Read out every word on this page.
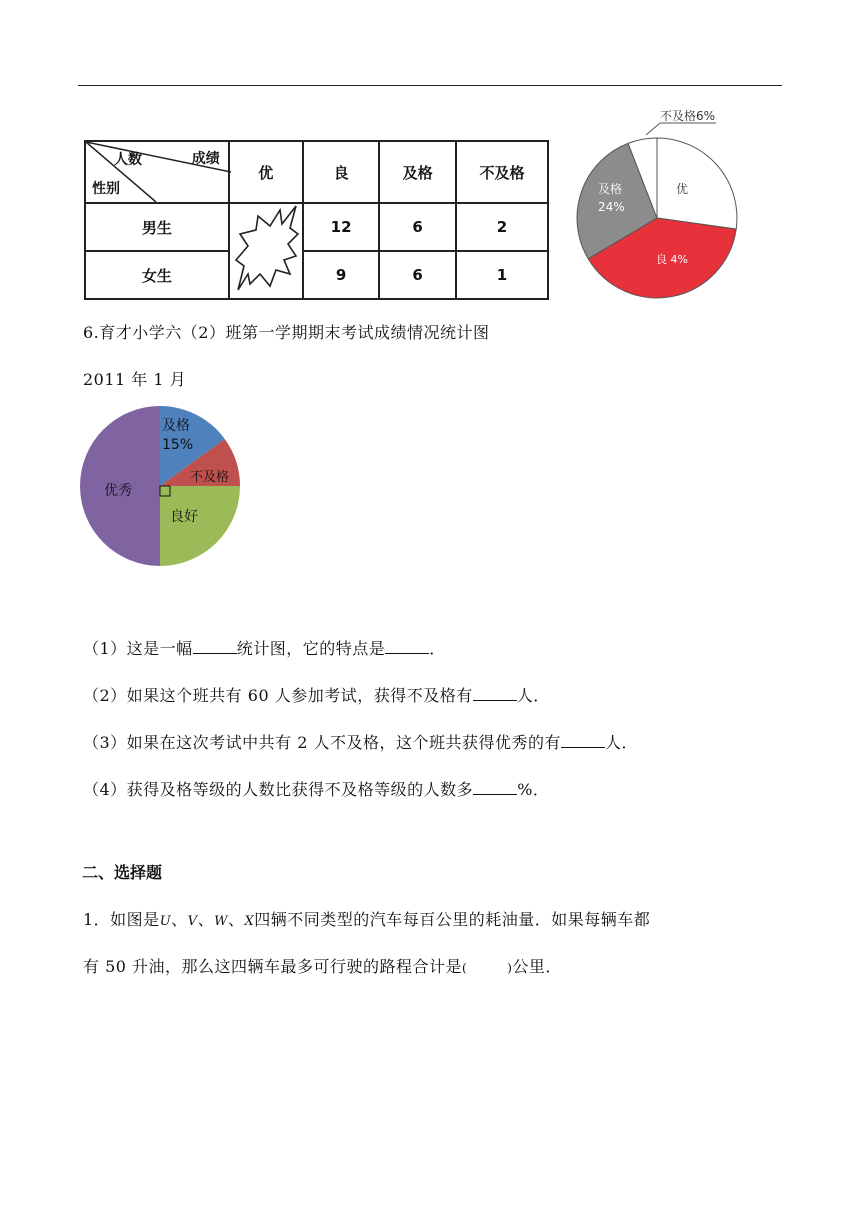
人数 成绩
性别	优	良	及格	不及格
男生		12	6	2
女生		9	6	1
不及格6%
优
及格
24%
良 4%
6.育才小学六（2）班第一学期期末考试成绩情况统计图
2011 年 1 月
及格
15%
不及格
良好
优秀
（1）这是一幅	统计图，它的特点是	．
（2）如果这个班共有 60 人参加考试，获得不及格有	人．
（3）如果在这次考试中共有 2 人不及格，这个班共获得优秀的有	人．
（4）获得及格等级的人数比获得不及格等级的人数多	%．
二、选择题
1．如图是U、V、W、X四辆不同类型的汽车每百公里的耗油量．如果每辆车都
有 50 升油，那么这四辆车最多可行驶的路程合计是(	)公里．
